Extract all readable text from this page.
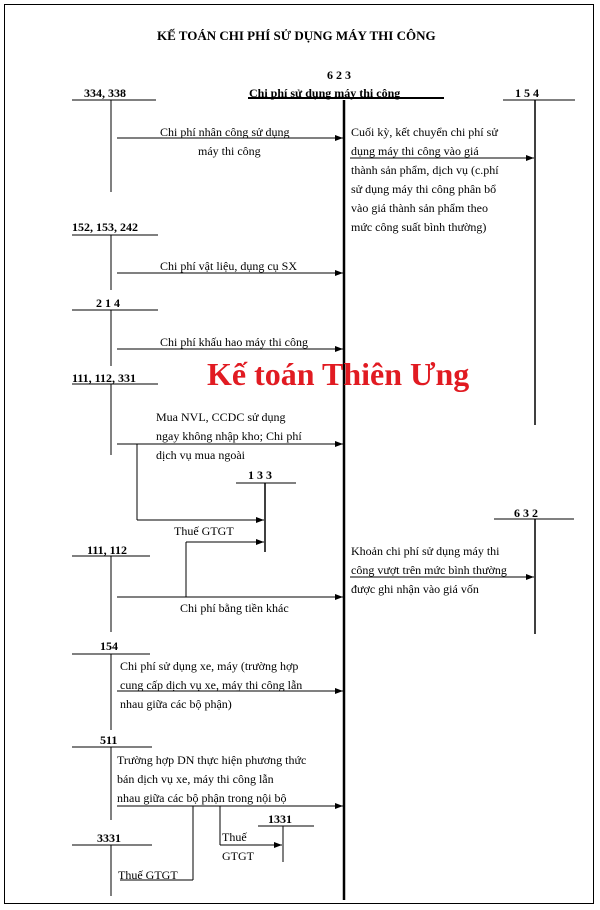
KẾ TOÁN CHI PHÍ SỬ DỤNG MÁY THI CÔNG
6 2 3
Chi phí sử dụng máy thi công
334, 338	1 5 4
152, 153, 242
2 1 4
111, 112, 331
1 3 3
6 3 2
111, 112
154
511
1331
3331
Chi phí nhân công sử dụng
máy thi công
Cuối kỳ, kết chuyển chi phí sử
dụng máy thi công vào giá
thành sản phẩm, dịch vụ (c.phí
sử dụng máy thi công phân bổ
vào giá thành sản phẩm theo
mức công suất bình thường)
Chi phí vật liệu, dụng cụ SX
Chi phí khấu hao máy thi công
Kế toán Thiên Ưng
Mua NVL, CCDC sử dụng
ngay không nhập kho; Chi phí
dịch vụ mua ngoài
Thuế GTGT
Khoản chi phí sử dụng máy thi
công vượt trên mức bình thường
được ghi nhận vào giá vốn
Chi phí bằng tiền khác
Chi phí sử dụng xe, máy (trường hợp
cung cấp dịch vụ xe, máy thi công lẫn
nhau giữa các bộ phận)
Trường hợp DN thực hiện phương thức
bán dịch vụ xe, máy thi công lẫn
nhau giữa các bộ phận trong nội bộ
Thuế
GTGT
Thuế GTGT
